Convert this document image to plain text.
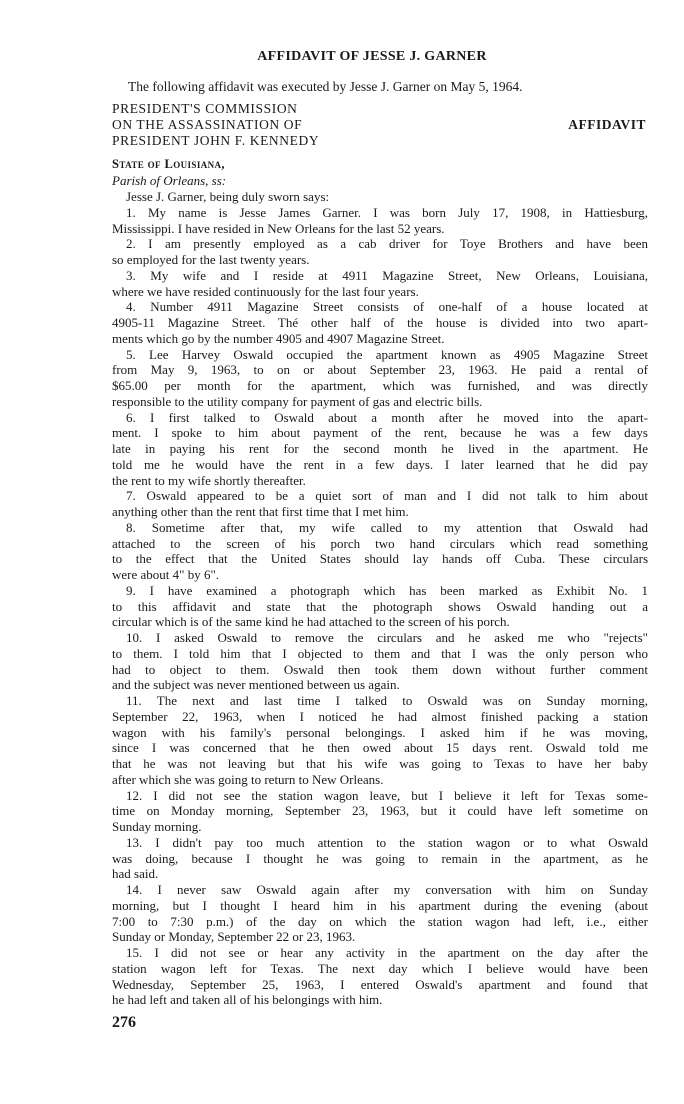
AFFIDAVIT OF JESSE J. GARNER
The following affidavit was executed by Jesse J. Garner on May 5, 1964.
PRESIDENT'S COMMISSION
ON THE ASSASSINATION OF
PRESIDENT JOHN F. KENNEDY
AFFIDAVIT
State of Louisiana,
Parish of Orleans, ss:
Jesse J. Garner, being duly sworn says:
1. My name is Jesse James Garner. I was born July 17, 1908, in Hattiesburg,
Mississippi. I have resided in New Orleans for the last 52 years.
2. I am presently employed as a cab driver for Toye Brothers and have been
so employed for the last twenty years.
3. My wife and I reside at 4911 Magazine Street, New Orleans, Louisiana,
where we have resided continuously for the last four years.
4. Number 4911 Magazine Street consists of one-half of a house located at
4905-11 Magazine Street. Thé other half of the house is divided into two apart-
ments which go by the number 4905 and 4907 Magazine Street.
5. Lee Harvey Oswald occupied the apartment known as 4905 Magazine Street
from May 9, 1963, to on or about September 23, 1963. He paid a rental of
$65.00 per month for the apartment, which was furnished, and was directly
responsible to the utility company for payment of gas and electric bills.
6. I first talked to Oswald about a month after he moved into the apart-
ment. I spoke to him about payment of the rent, because he was a few days
late in paying his rent for the second month he lived in the apartment. He
told me he would have the rent in a few days. I later learned that he did pay
the rent to my wife shortly thereafter.
7. Oswald appeared to be a quiet sort of man and I did not talk to him about
anything other than the rent that first time that I met him.
8. Sometime after that, my wife called to my attention that Oswald had
attached to the screen of his porch two hand circulars which read something
to the effect that the United States should lay hands off Cuba. These circulars
were about 4" by 6".
9. I have examined a photograph which has been marked as Exhibit No. 1
to this affidavit and state that the photograph shows Oswald handing out a
circular which is of the same kind he had attached to the screen of his porch.
10. I asked Oswald to remove the circulars and he asked me who "rejects"
to them. I told him that I objected to them and that I was the only person who
had to object to them. Oswald then took them down without further comment
and the subject was never mentioned between us again.
11. The next and last time I talked to Oswald was on Sunday morning,
September 22, 1963, when I noticed he had almost finished packing a station
wagon with his family's personal belongings. I asked him if he was moving,
since I was concerned that he then owed about 15 days rent. Oswald told me
that he was not leaving but that his wife was going to Texas to have her baby
after which she was going to return to New Orleans.
12. I did not see the station wagon leave, but I believe it left for Texas some-
time on Monday morning, September 23, 1963, but it could have left sometime on
Sunday morning.
13. I didn't pay too much attention to the station wagon or to what Oswald
was doing, because I thought he was going to remain in the apartment, as he
had said.
14. I never saw Oswald again after my conversation with him on Sunday
morning, but I thought I heard him in his apartment during the evening (about
7:00 to 7:30 p.m.) of the day on which the station wagon had left, i.e., either
Sunday or Monday, September 22 or 23, 1963.
15. I did not see or hear any activity in the apartment on the day after the
station wagon left for Texas. The next day which I believe would have been
Wednesday, September 25, 1963, I entered Oswald's apartment and found that
he had left and taken all of his belongings with him.
276
